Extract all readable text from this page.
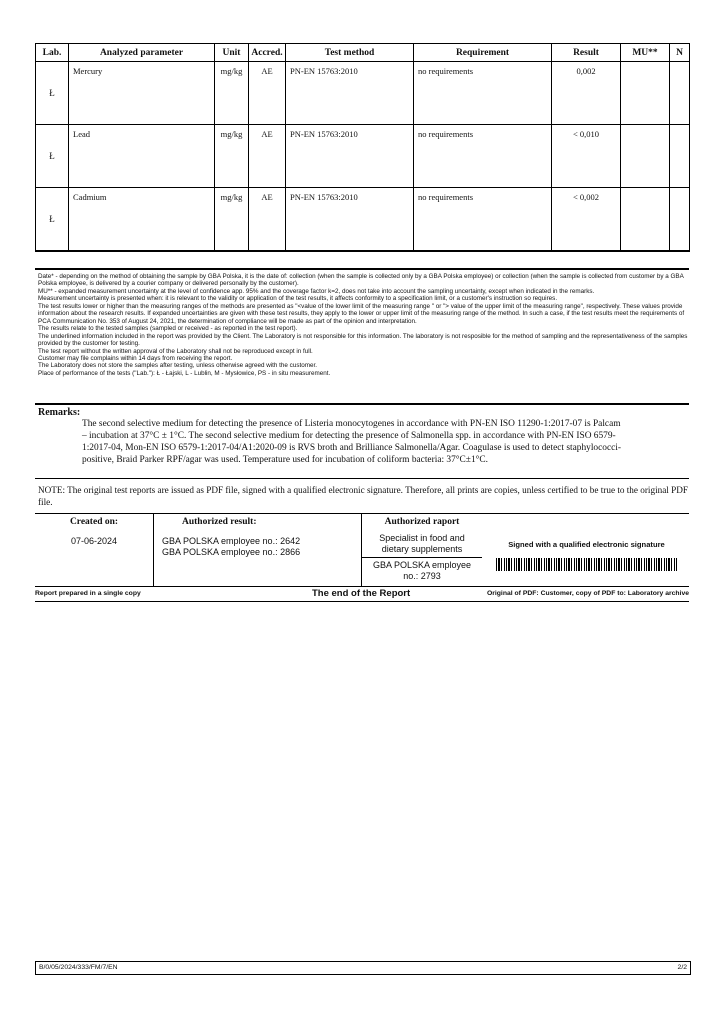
Lab.	Analyzed parameter	Unit	Accred.	Test method	Requirement	Result	MU**	N
Ł	Mercury	mg/kg	AE	PN-EN 15763:2010	no requirements	0,002		

Ł	Lead	mg/kg	AE	PN-EN 15763:2010	no requirements	< 0,010		

Ł	Cadmium	mg/kg	AE	PN-EN 15763:2010	no requirements	< 0,002		

Date* - depending on the method of obtaining the sample by GBA Polska, it is the date of: collection (when the sample is collected only by a GBA Polska employee) or collection (when the sample is collected from customer by a GBA Polska employee, is delivered by a courier company or delivered personally by the customer).

MU** - expanded measurement uncertainty at the level of confidence app. 95% and the coverage factor k=2, does not take into account the sampling uncertainty, except when indicated in the remarks.

Measurement uncertainty is presented when: it is relevant to the validity or application of the test results, it affects conformity to a specification limit, or a customer's instruction so requires.

The test results lower or higher than the measuring ranges of the methods are presented as "<value of the lower limit of the measuring range " or "> value of the upper limit of the measuring range", respectively. These values provide information about the research results. If expanded uncertainties are given with these test results, they apply to the lower or upper limit of the measuring range of the method. In such a case, if the test results meet the requirements of PCA Communication No. 353 of August 24, 2021, the determination of compliance will be made as part of the opinion and interpretation.

The results relate to the tested samples (sampled or received - as reported in the test report).

The underlined information included in the report was provided by the Client. The Laboratory is not responsible for this information. The laboratory is not resposible for the method of sampling and the representativeness of the samples provided by the customer for testing.

The test report without the written approval of the Laboratory shall not be reproduced except in full.

Customer may file complains within 14 days from receiving the report.

The Laboratory does not store the samples after testing, unless otherwise agreed with the customer.

Place of performance of the tests ("Lab."): Ł - Łajski, L - Lublin, M - Mysłowice, PS - in situ measurement.

Remarks:

The second selective medium for detecting the presence of Listeria monocytogenes in accordance with PN-EN ISO 11290-1:2017-07 is Palcam

– incubation at 37°C ± 1°C. The second selective medium for detecting the presence of Salmonella spp. in accordance with PN-EN ISO 6579-

1:2017-04, Mon-EN ISO 6579-1:2017-04/A1:2020-09 is RVS broth and Brilliance Salmonella/Agar. Coagulase is used to detect staphylococci-

positive, Braid Parker RPF/agar was used. Temperature used for incubation of coliform bacteria: 37°C±1°C.

NOTE: The original test reports are issued as PDF file, signed with a qualified electronic signature. Therefore, all prints are copies, unless certified to be true to the original PDF file.
Created on:
07-06-2024
Authorized result:
GBA POLSKA employee no.: 2642
GBA POLSKA employee no.: 2866
Authorized raport
Specialist in food and
dietary supplements
GBA POLSKA employee
no.: 2793
Signed with a qualified electronic signature
Report prepared in a single copy	The end of the Report	Original of PDF: Customer, copy of PDF to: Laboratory archive
B/0/05/2024/333/FM/7/EN	2/2
